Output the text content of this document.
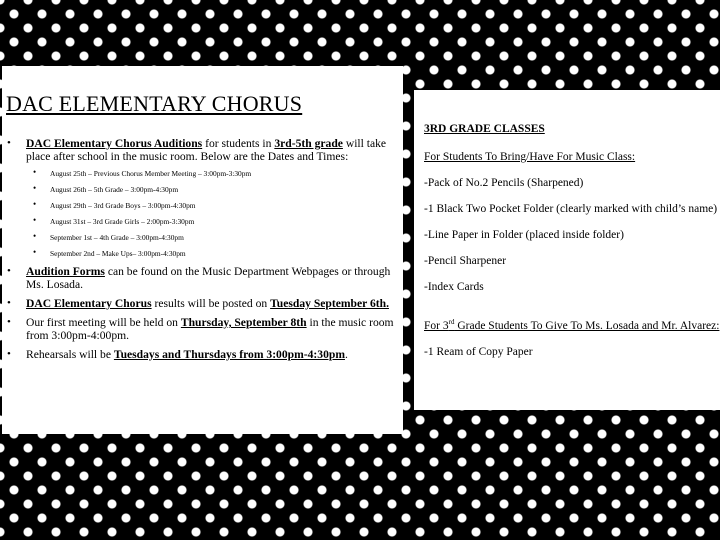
DAC ELEMENTARY CHORUS
• DAC Elementary Chorus Auditions for students in 3rd-5th grade will take place after school in the music room. Below are the Dates and Times:
• August 25th – Previous Chorus Member Meeting – 3:00pm-3:30pm
• August 26th – 5th Grade – 3:00pm-4:30pm
• August 29th – 3rd Grade Boys – 3:00pm-4:30pm
• August 31st – 3rd Grade Girls – 2:00pm-3:30pm
• September 1st – 4th Grade – 3:00pm-4:30pm
• September 2nd – Make Ups– 3:00pm-4:30pm
• Audition Forms can be found on the Music Department Webpages or through Ms. Losada.
• DAC Elementary Chorus results will be posted on Tuesday September 6th.
• Our first meeting will be held on Thursday, September 8th in the music room from 3:00pm-4:00pm.
• Rehearsals will be Tuesdays and Thursdays from 3:00pm-4:30pm.
3RD GRADE CLASSES
For Students To Bring/Have For Music Class:
-Pack of No.2 Pencils (Sharpened)
-1 Black Two Pocket Folder (clearly marked with child’s name)
-Line Paper in Folder (placed inside folder)
-Pencil Sharpener
-Index Cards
For 3rd Grade Students To Give To Ms. Losada and Mr. Alvarez:
-1 Ream of Copy Paper
